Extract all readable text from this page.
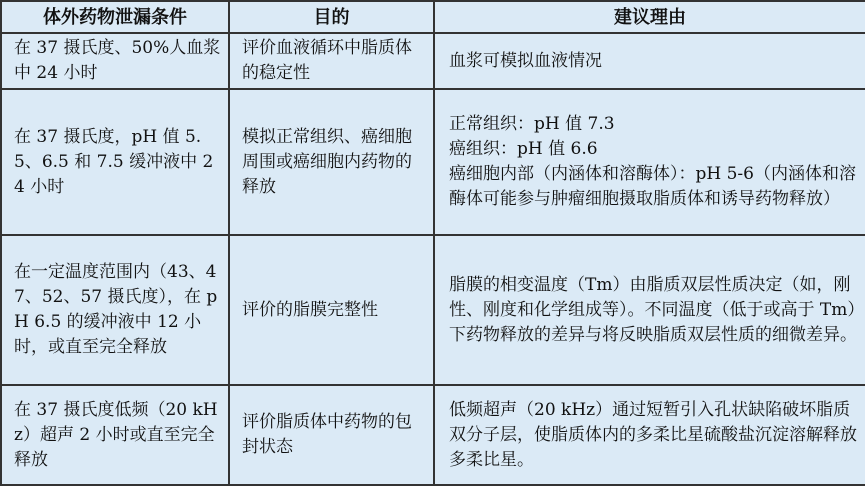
体外药物泄漏条件	目的	建议理由
在 37 摄氏度、50%人血浆中 24 小时	评价血液循环中脂质体的稳定性	血浆可模拟血液情况
在 37 摄氏度，pH 值 5.5、6.5 和 7.5 缓冲液中 24 小时	模拟正常组织、癌细胞周围或癌细胞内药物的释放	正常组织：pH 值 7.3
癌组织：pH 值 6.6
癌细胞内部（内涵体和溶酶体）：pH 5-6（内涵体和溶酶体可能参与肿瘤细胞摄取脂质体和诱导药物释放）

在一定温度范围内（43、47、52、57 摄氏度），在 pH 6.5 的缓冲液中 12 小时，或直至完全释放	评价的脂膜完整性	脂膜的相变温度（Tm）由脂质双层性质决定（如，刚性、刚度和化学组成等）。不同温度（低于或高于 Tm）下药物释放的差异与将反映脂质双层性质的细微差异。
在 37 摄氏度低频（20 kHz）超声 2 小时或直至完全释放	评价脂质体中药物的包封状态	低频超声（20 kHz）通过短暂引入孔状缺陷破坏脂质双分子层，使脂质体内的多柔比星硫酸盐沉淀溶解释放多柔比星。
